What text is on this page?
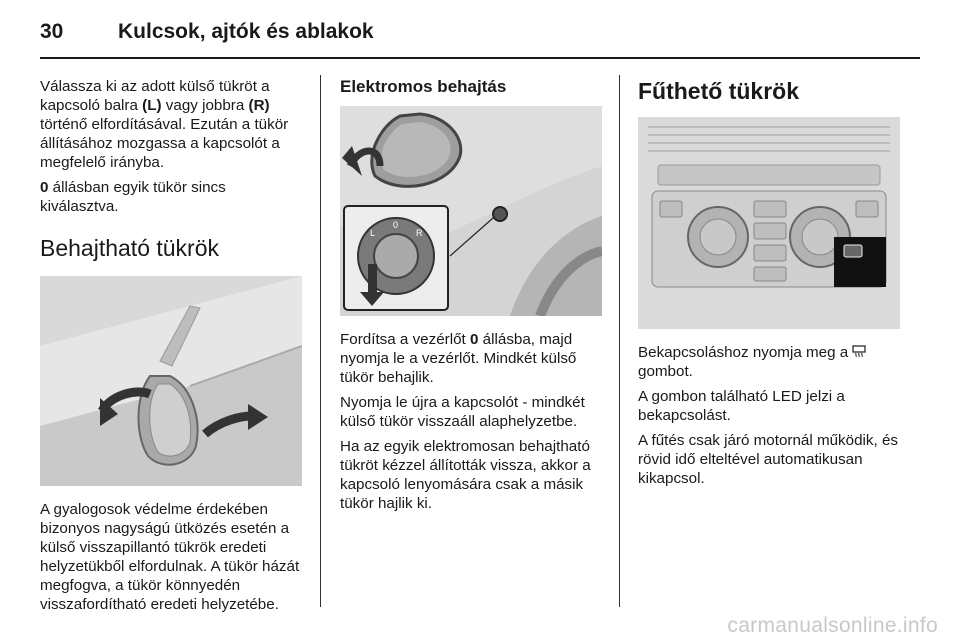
30	Kulcsok, ajtók és ablakok

Válassza ki az adott külső tükröt a kapcsoló balra (L) vagy jobbra (R) történő elfordításával. Ezután a tükör állításához mozgassa a kapcsolót a megfelelő irányba.

0 állásban egyik tükör sincs kiválasztva.

Behajtható tükrök

A gyalogosok védelme érdekében bizonyos nagyságú ütközés esetén a külső visszapillantó tükrök eredeti helyzetükből elfordulnak. A tükör házát megfogva, a tükör könnyedén visszafordítható eredeti helyzetébe.

Elektromos behajtás
L
0
R

Fordítsa a vezérlőt 0 állásba, majd nyomja le a vezérlőt. Mindkét külső tükör behajlik.

Nyomja le újra a kapcsolót - mindkét külső tükör visszaáll alaphelyzetbe.

Ha az egyik elektromosan behajtható tükröt kézzel állították vissza, akkor a kapcsoló lenyomására csak a másik tükör hajlik ki.

Fűthető tükrök

Bekapcsoláshoz nyomja meg a  gombot.

A gombon található LED jelzi a bekapcsolást.

A fűtés csak járó motornál működik, és rövid idő elteltével automatikusan kikapcsol.

carmanualsonline.info
